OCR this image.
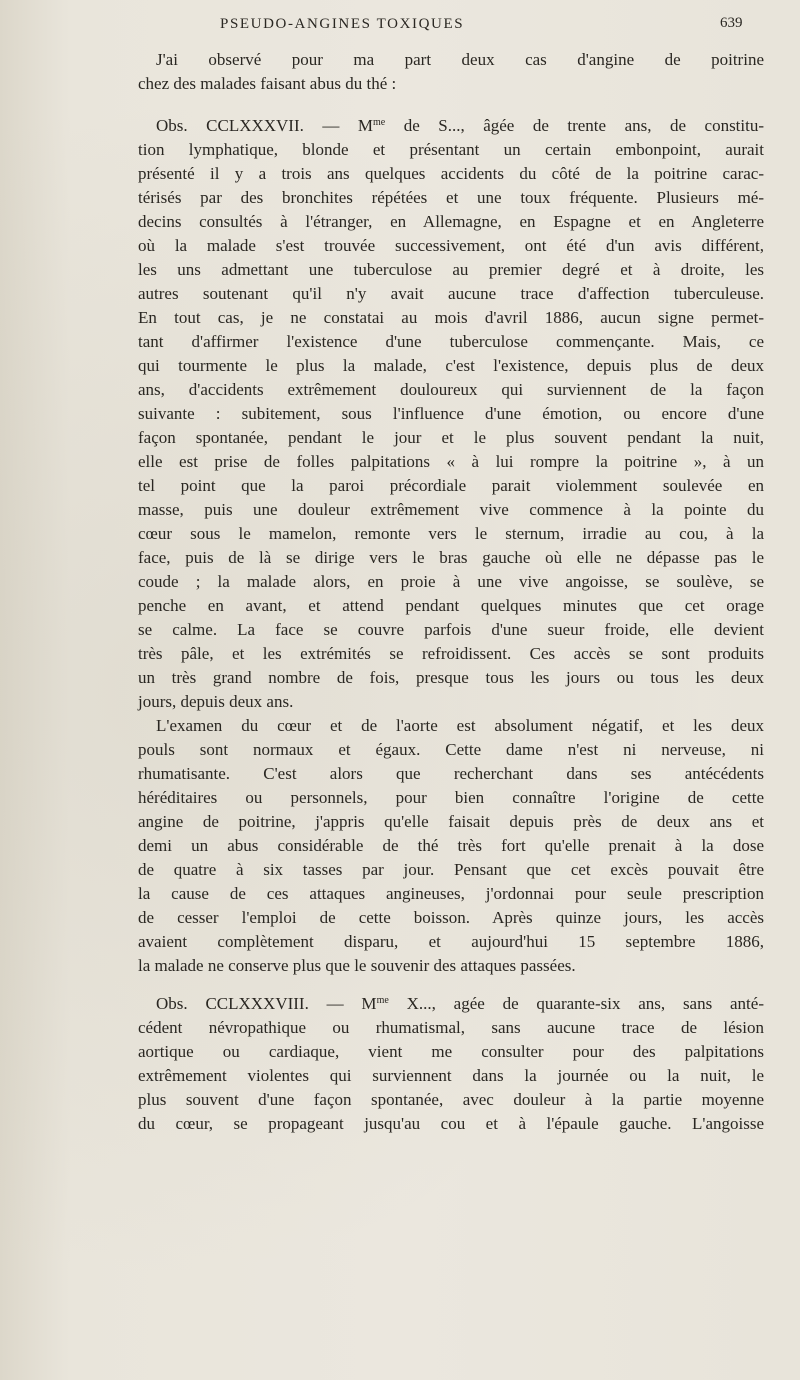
PSEUDO-ANGINES TOXIQUES	639
J'ai observé pour ma part deux cas d'angine de poitrine
chez des malades faisant abus du thé :
Obs. CCLXXXVII. — $M^{me}$ de S..., âgée de trente ans, de constitu-
tion lymphatique, blonde et présentant un certain embonpoint, aurait
présenté il y a trois ans quelques accidents du côté de la poitrine carac-
térisés par des bronchites répétées et une toux fréquente. Plusieurs mé-
decins consultés à l'étranger, en Allemagne, en Espagne et en Angleterre
où la malade s'est trouvée successivement, ont été d'un avis différent,
les uns admettant une tuberculose au premier degré et à droite, les
autres soutenant qu'il n'y avait aucune trace d'affection tuberculeuse.
En tout cas, je ne constatai au mois d'avril 1886, aucun signe permet-
tant d'affirmer l'existence d'une tuberculose commençante. Mais, ce
qui tourmente le plus la malade, c'est l'existence, depuis plus de deux
ans, d'accidents extrêmement douloureux qui surviennent de la façon
suivante : subitement, sous l'influence d'une émotion, ou encore d'une
façon spontanée, pendant le jour et le plus souvent pendant la nuit,
elle est prise de folles palpitations « à lui rompre la poitrine », à un
tel point que la paroi précordiale parait violemment soulevée en
masse, puis une douleur extrêmement vive commence à la pointe du
cœur sous le mamelon, remonte vers le sternum, irradie au cou, à la
face, puis de là se dirige vers le bras gauche où elle ne dépasse pas le
coude ; la malade alors, en proie à une vive angoisse, se soulève, se
penche en avant, et attend pendant quelques minutes que cet orage
se calme. La face se couvre parfois d'une sueur froide, elle devient
très pâle, et les extrémités se refroidissent. Ces accès se sont produits
un très grand nombre de fois, presque tous les jours ou tous les deux
jours, depuis deux ans.
L'examen du cœur et de l'aorte est absolument négatif, et les deux
pouls sont normaux et égaux. Cette dame n'est ni nerveuse, ni
rhumatisante. C'est alors que recherchant dans ses antécédents
héréditaires ou personnels, pour bien connaître l'origine de cette
angine de poitrine, j'appris qu'elle faisait depuis près de deux ans et
demi un abus considérable de thé très fort qu'elle prenait à la dose
de quatre à six tasses par jour. Pensant que cet excès pouvait être
la cause de ces attaques angineuses, j'ordonnai pour seule prescription
de cesser l'emploi de cette boisson. Après quinze jours, les accès
avaient complètement disparu, et aujourd'hui 15 septembre 1886,
la malade ne conserve plus que le souvenir des attaques passées.
Obs. CCLXXXVIII. — $M^{me}$ X..., agée de quarante-six ans, sans anté-
cédent névropathique ou rhumatismal, sans aucune trace de lésion
aortique ou cardiaque, vient me consulter pour des palpitations
extrêmement violentes qui surviennent dans la journée ou la nuit, le
plus souvent d'une façon spontanée, avec douleur à la partie moyenne
du cœur, se propageant jusqu'au cou et à l'épaule gauche. L'angoisse
